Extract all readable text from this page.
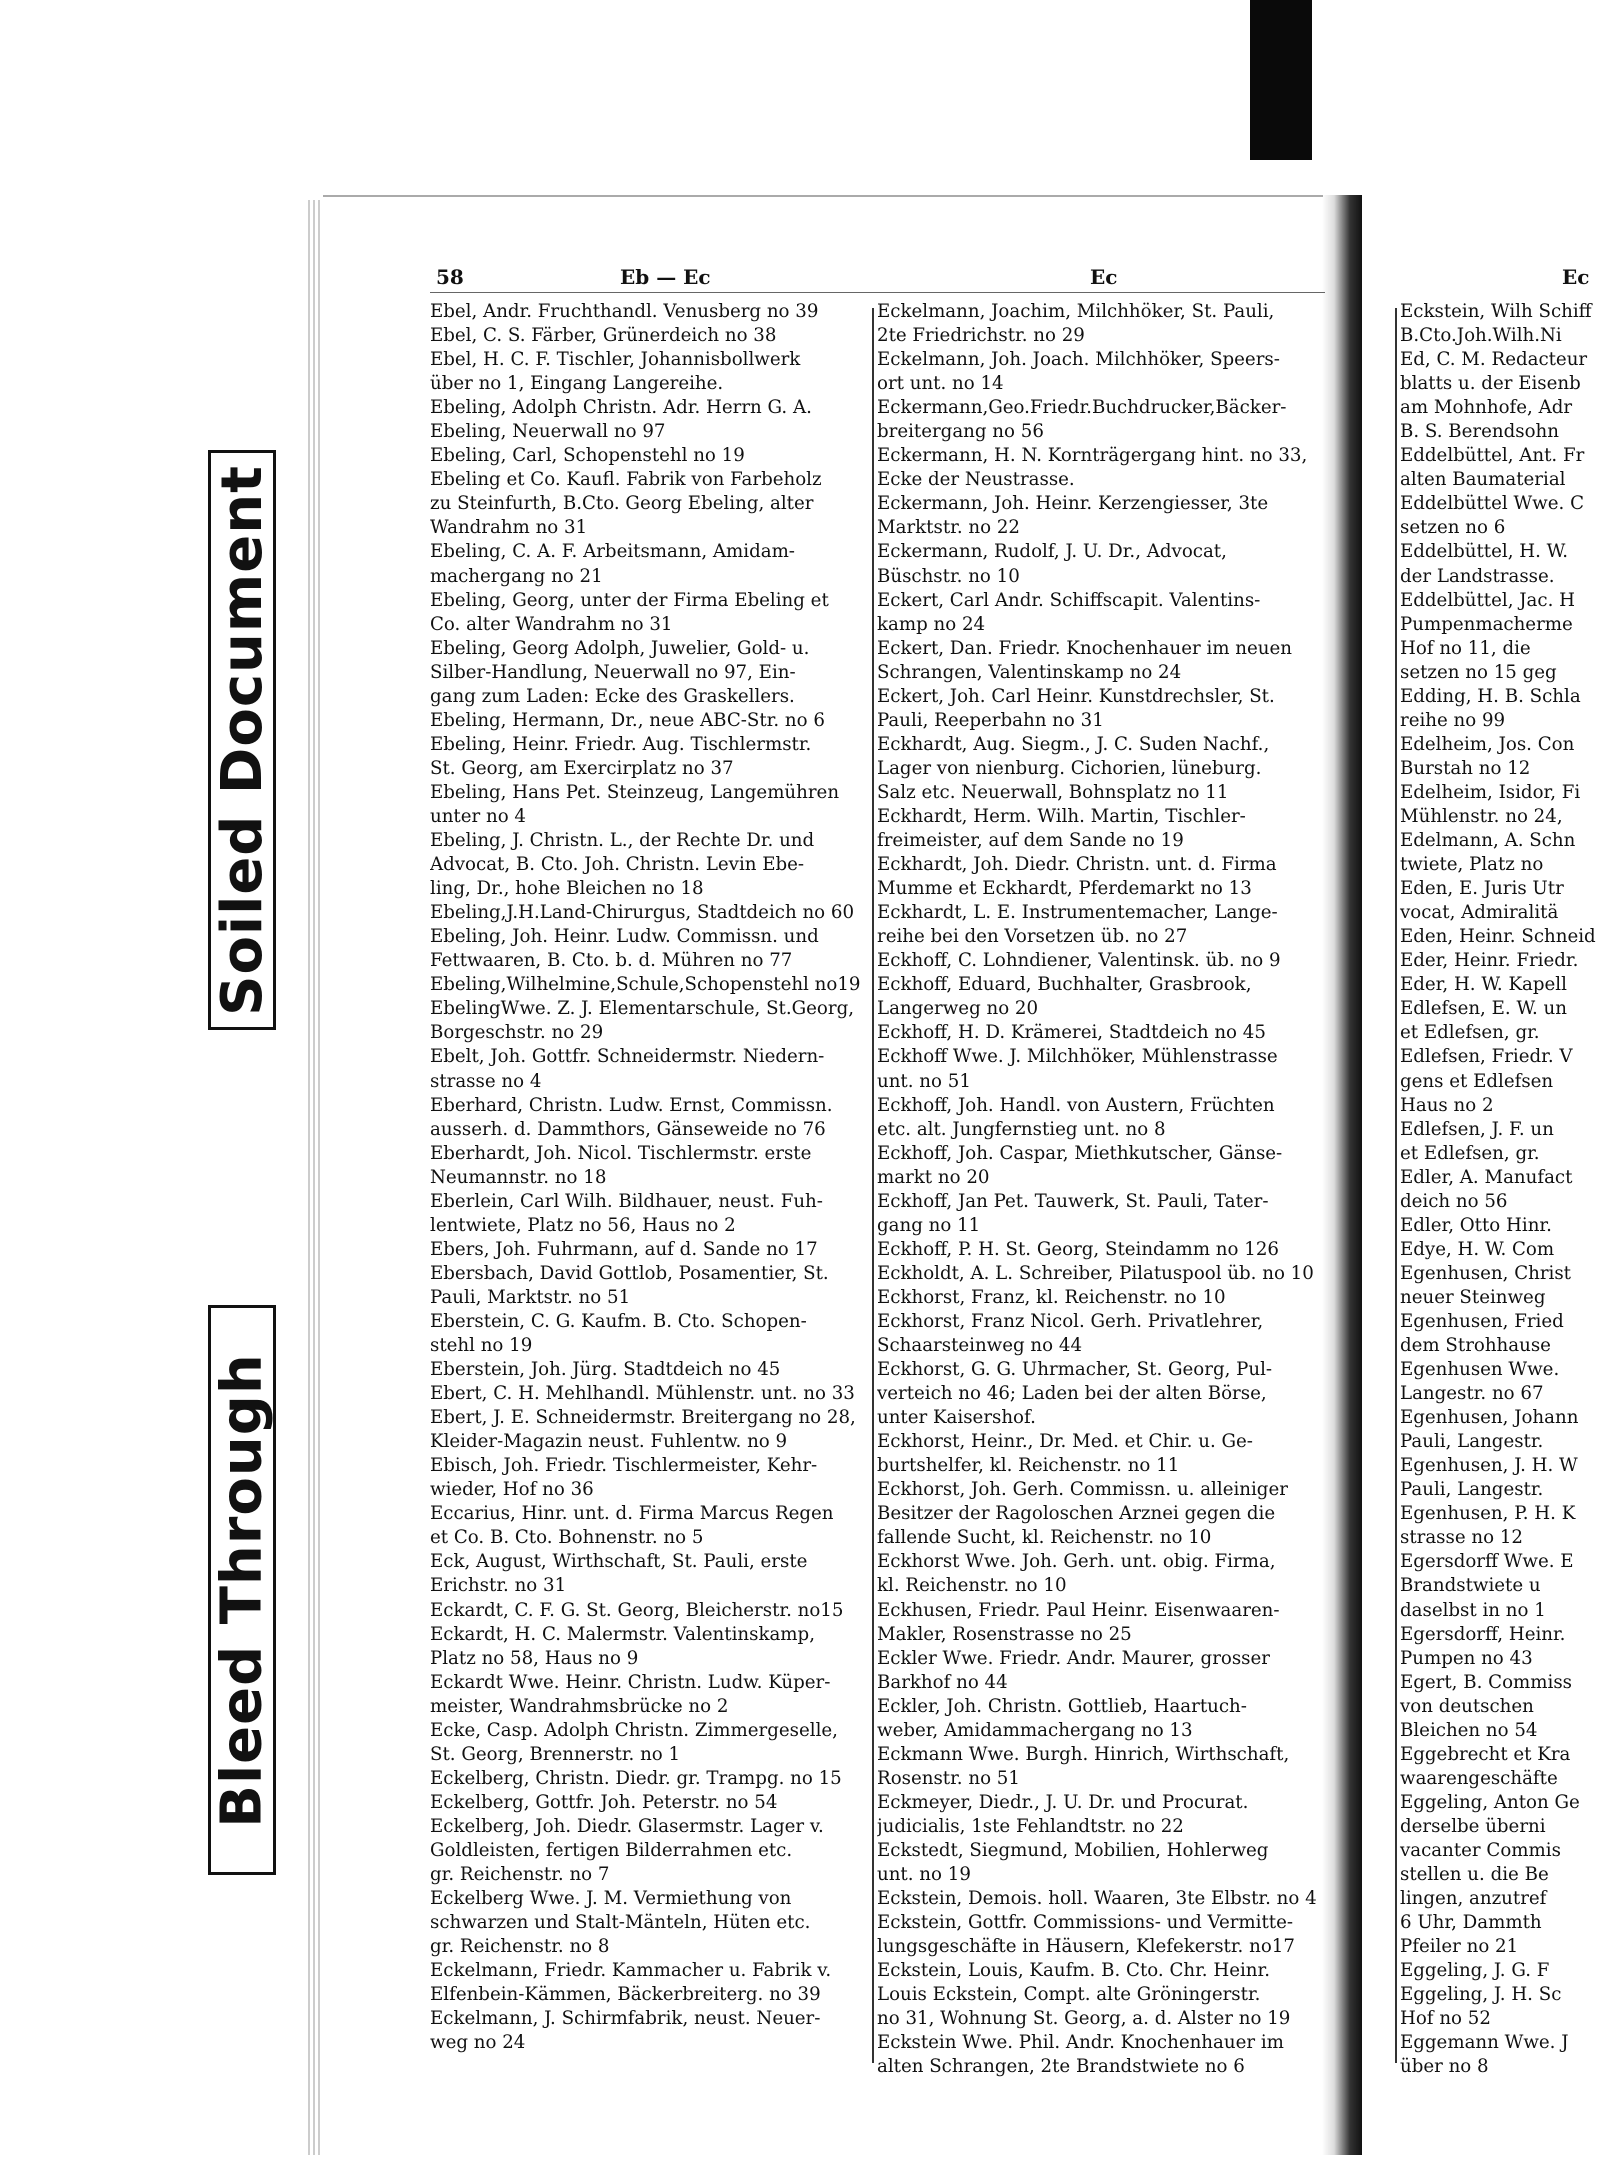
Soiled Document
Bleed Through
58	Eb — Ec	Ec	Ec
Ebel, Andr. Fruchthandl. Venusberg no 39
Ebel, C. S. Färber, Grünerdeich no 38
Ebel, H. C. F. Tischler, Johannisbollwerk
über no 1, Eingang Langereihe.
Ebeling, Adolph Christn. Adr. Herrn G. A.
Ebeling, Neuerwall no 97
Ebeling, Carl, Schopenstehl no 19
Ebeling et Co. Kaufl. Fabrik von Farbeholz
zu Steinfurth, B.Cto. Georg Ebeling, alter
Wandrahm no 31
Ebeling, C. A. F. Arbeitsmann, Amidam-
machergang no 21
Ebeling, Georg, unter der Firma Ebeling et
Co. alter Wandrahm no 31
Ebeling, Georg Adolph, Juwelier, Gold- u.
Silber-Handlung, Neuerwall no 97, Ein-
gang zum Laden: Ecke des Graskellers.
Ebeling, Hermann, Dr., neue ABC-Str. no 6
Ebeling, Heinr. Friedr. Aug. Tischlermstr.
St. Georg, am Exercirplatz no 37
Ebeling, Hans Pet. Steinzeug, Langemühren
unter no 4
Ebeling, J. Christn. L., der Rechte Dr. und
Advocat, B. Cto. Joh. Christn. Levin Ebe-
ling, Dr., hohe Bleichen no 18
Ebeling,J.H.Land-Chirurgus, Stadtdeich no 60
Ebeling, Joh. Heinr. Ludw. Commissn. und
Fettwaaren, B. Cto. b. d. Mühren no 77
Ebeling,Wilhelmine,Schule,Schopenstehl no19
EbelingWwe. Z. J. Elementarschule, St.Georg,
Borgeschstr. no 29
Ebelt, Joh. Gottfr. Schneidermstr. Niedern-
strasse no 4
Eberhard, Christn. Ludw. Ernst, Commissn.
ausserh. d. Dammthors, Gänseweide no 76
Eberhardt, Joh. Nicol. Tischlermstr. erste
Neumannstr. no 18
Eberlein, Carl Wilh. Bildhauer, neust. Fuh-
lentwiete, Platz no 56, Haus no 2
Ebers, Joh. Fuhrmann, auf d. Sande no 17
Ebersbach, David Gottlob, Posamentier, St.
Pauli, Marktstr. no 51
Eberstein, C. G. Kaufm. B. Cto. Schopen-
stehl no 19
Eberstein, Joh. Jürg. Stadtdeich no 45
Ebert, C. H. Mehlhandl. Mühlenstr. unt. no 33
Ebert, J. E. Schneidermstr. Breitergang no 28,
Kleider-Magazin neust. Fuhlentw. no 9
Ebisch, Joh. Friedr. Tischlermeister, Kehr-
wieder, Hof no 36
Eccarius, Hinr. unt. d. Firma Marcus Regen
et Co. B. Cto. Bohnenstr. no 5
Eck, August, Wirthschaft, St. Pauli, erste
Erichstr. no 31
Eckardt, C. F. G. St. Georg, Bleicherstr. no15
Eckardt, H. C. Malermstr. Valentinskamp,
Platz no 58, Haus no 9
Eckardt Wwe. Heinr. Christn. Ludw. Küper-
meister, Wandrahmsbrücke no 2
Ecke, Casp. Adolph Christn. Zimmergeselle,
St. Georg, Brennerstr. no 1
Eckelberg, Christn. Diedr. gr. Trampg. no 15
Eckelberg, Gottfr. Joh. Peterstr. no 54
Eckelberg, Joh. Diedr. Glasermstr. Lager v.
Goldleisten, fertigen Bilderrahmen etc.
gr. Reichenstr. no 7
Eckelberg Wwe. J. M. Vermiethung von
schwarzen und Stalt-Mänteln, Hüten etc.
gr. Reichenstr. no 8
Eckelmann, Friedr. Kammacher u. Fabrik v.
Elfenbein-Kämmen, Bäckerbreiterg. no 39
Eckelmann, J. Schirmfabrik, neust. Neuer-
weg no 24
Eckelmann, Joachim, Milchhöker, St. Pauli,
2te Friedrichstr. no 29
Eckelmann, Joh. Joach. Milchhöker, Speers-
ort unt. no 14
Eckermann,Geo.Friedr.Buchdrucker,Bäcker-
breitergang no 56
Eckermann, H. N. Kornträgergang hint. no 33,
Ecke der Neustrasse.
Eckermann, Joh. Heinr. Kerzengiesser, 3te
Marktstr. no 22
Eckermann, Rudolf, J. U. Dr., Advocat,
Büschstr. no 10
Eckert, Carl Andr. Schiffscapit. Valentins-
kamp no 24
Eckert, Dan. Friedr. Knochenhauer im neuen
Schrangen, Valentinskamp no 24
Eckert, Joh. Carl Heinr. Kunstdrechsler, St.
Pauli, Reeperbahn no 31
Eckhardt, Aug. Siegm., J. C. Suden Nachf.,
Lager von nienburg. Cichorien, lüneburg.
Salz etc. Neuerwall, Bohnsplatz no 11
Eckhardt, Herm. Wilh. Martin, Tischler-
freimeister, auf dem Sande no 19
Eckhardt, Joh. Diedr. Christn. unt. d. Firma
Mumme et Eckhardt, Pferdemarkt no 13
Eckhardt, L. E. Instrumentemacher, Lange-
reihe bei den Vorsetzen üb. no 27
Eckhoff, C. Lohndiener, Valentinsk. üb. no 9
Eckhoff, Eduard, Buchhalter, Grasbrook,
Langerweg no 20
Eckhoff, H. D. Krämerei, Stadtdeich no 45
Eckhoff Wwe. J. Milchhöker, Mühlenstrasse
unt. no 51
Eckhoff, Joh. Handl. von Austern, Früchten
etc. alt. Jungfernstieg unt. no 8
Eckhoff, Joh. Caspar, Miethkutscher, Gänse-
markt no 20
Eckhoff, Jan Pet. Tauwerk, St. Pauli, Tater-
gang no 11
Eckhoff, P. H. St. Georg, Steindamm no 126
Eckholdt, A. L. Schreiber, Pilatuspool üb. no 10
Eckhorst, Franz, kl. Reichenstr. no 10
Eckhorst, Franz Nicol. Gerh. Privatlehrer,
Schaarsteinweg no 44
Eckhorst, G. G. Uhrmacher, St. Georg, Pul-
verteich no 46; Laden bei der alten Börse,
unter Kaisershof.
Eckhorst, Heinr., Dr. Med. et Chir. u. Ge-
burtshelfer, kl. Reichenstr. no 11
Eckhorst, Joh. Gerh. Commissn. u. alleiniger
Besitzer der Ragoloschen Arznei gegen die
fallende Sucht, kl. Reichenstr. no 10
Eckhorst Wwe. Joh. Gerh. unt. obig. Firma,
kl. Reichenstr. no 10
Eckhusen, Friedr. Paul Heinr. Eisenwaaren-
Makler, Rosenstrasse no 25
Eckler Wwe. Friedr. Andr. Maurer, grosser
Barkhof no 44
Eckler, Joh. Christn. Gottlieb, Haartuch-
weber, Amidammachergang no 13
Eckmann Wwe. Burgh. Hinrich, Wirthschaft,
Rosenstr. no 51
Eckmeyer, Diedr., J. U. Dr. und Procurat.
judicialis, 1ste Fehlandtstr. no 22
Eckstedt, Siegmund, Mobilien, Hohlerweg
unt. no 19
Eckstein, Demois. holl. Waaren, 3te Elbstr. no 4
Eckstein, Gottfr. Commissions- und Vermitte-
lungsgeschäfte in Häusern, Klefekerstr. no17
Eckstein, Louis, Kaufm. B. Cto. Chr. Heinr.
Louis Eckstein, Compt. alte Gröningerstr.
no 31, Wohnung St. Georg, a. d. Alster no 19
Eckstein Wwe. Phil. Andr. Knochenhauer im
alten Schrangen, 2te Brandstwiete no 6
Eckstein, Wilh Schiff
B.Cto.Joh.Wilh.Ni
Ed, C. M. Redacteur
blatts u. der Eisenb
am Mohnhofe, Adr
B. S. Berendsohn
Eddelbüttel, Ant. Fr
alten Baumaterial
Eddelbüttel Wwe. C
setzen no 6
Eddelbüttel, H. W.
der Landstrasse.
Eddelbüttel, Jac. H
Pumpenmacherme
Hof no 11, die
setzen no 15 geg
Edding, H. B. Schla
reihe no 99
Edelheim, Jos. Con
Burstah no 12
Edelheim, Isidor, Fi
Mühlenstr. no 24,
Edelmann, A. Schn
twiete, Platz no
Eden, E. Juris Utr
vocat, Admiralitä
Eden, Heinr. Schneid
Eder, Heinr. Friedr.
Eder, H. W. Kapell
Edlefsen, E. W. un
et Edlefsen, gr.
Edlefsen, Friedr. V
gens et Edlefsen
Haus no 2
Edlefsen, J. F. un
et Edlefsen, gr.
Edler, A. Manufact
deich no 56
Edler, Otto Hinr.
Edye, H. W. Com
Egenhusen, Christ
neuer Steinweg
Egenhusen, Fried
dem Strohhause
Egenhusen Wwe.
Langestr. no 67
Egenhusen, Johann
Pauli, Langestr.
Egenhusen, J. H. W
Pauli, Langestr.
Egenhusen, P. H. K
strasse no 12
Egersdorff Wwe. E
Brandstwiete u
daselbst in no 1
Egersdorff, Heinr.
Pumpen no 43
Egert, B. Commiss
von deutschen
Bleichen no 54
Eggebrecht et Kra
waarengeschäfte
Eggeling, Anton Ge
derselbe überni
vacanter Commis
stellen u. die Be
lingen, anzutref
6 Uhr, Dammth
Pfeiler no 21
Eggeling, J. G. F
Eggeling, J. H. Sc
Hof no 52
Eggemann Wwe. J
über no 8
